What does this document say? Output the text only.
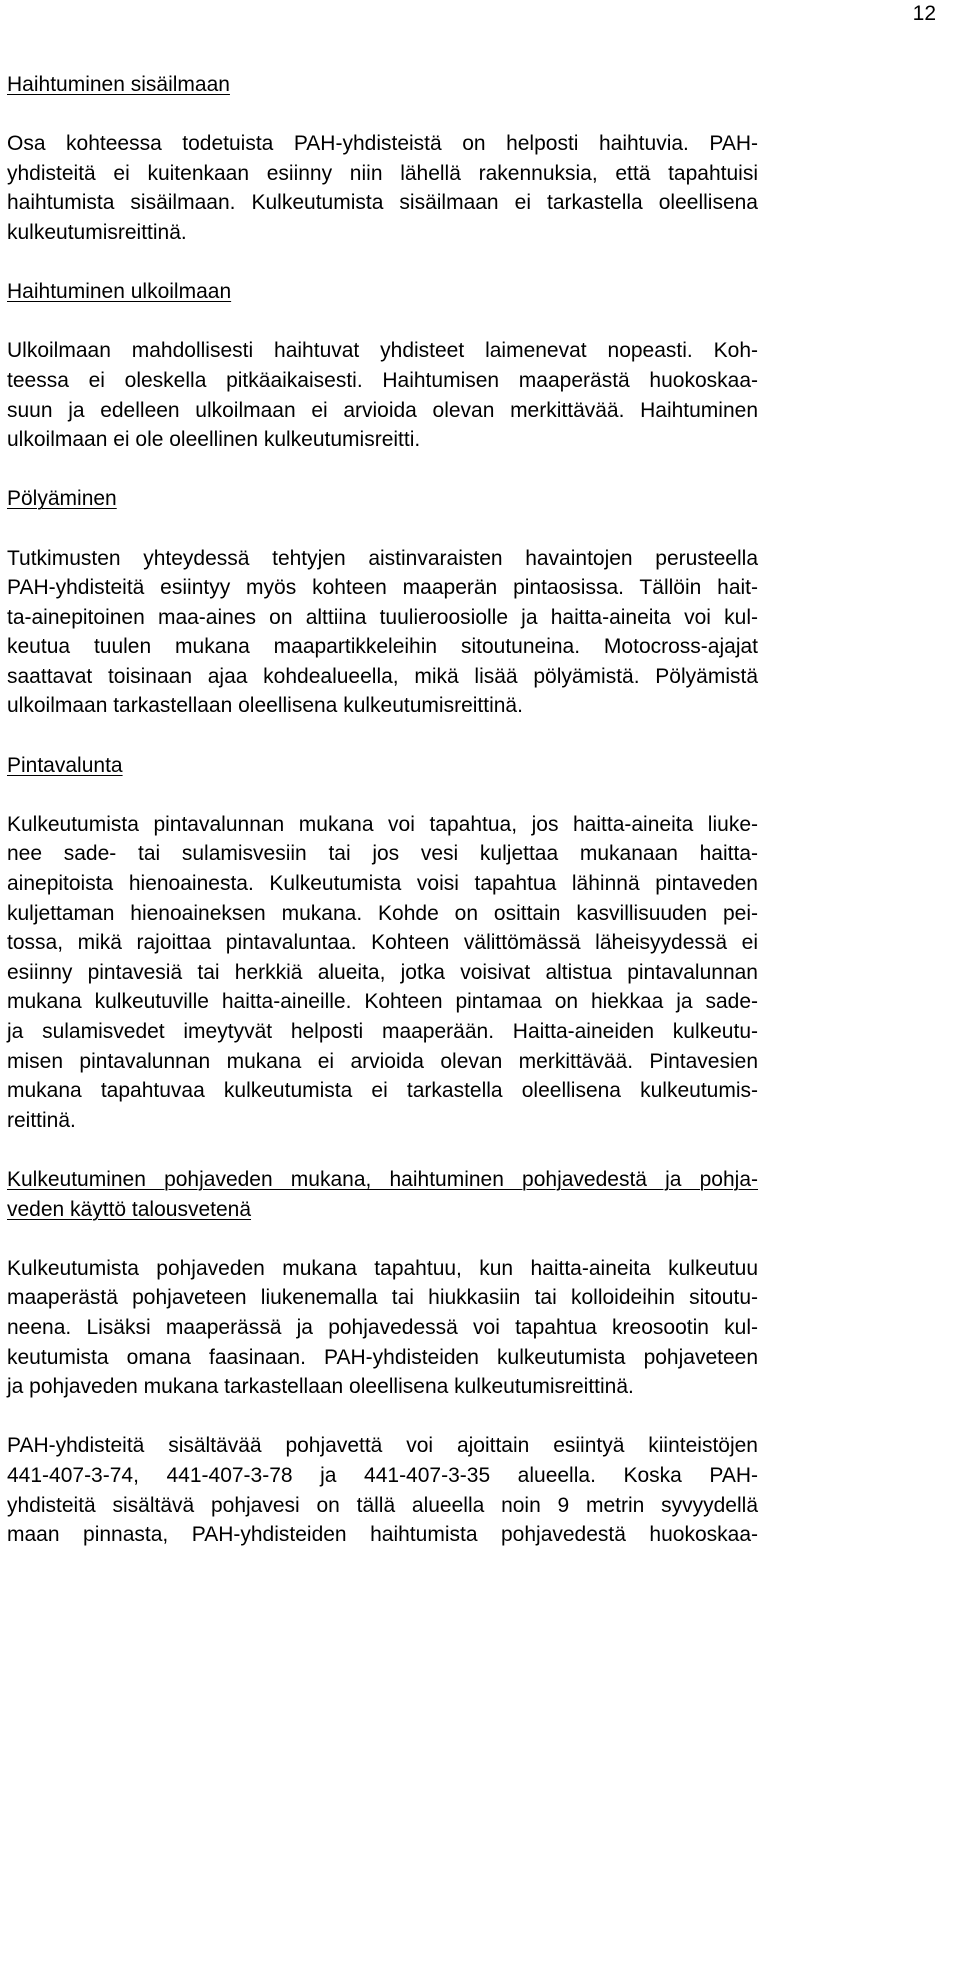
12
Haihtuminen sisäilmaan
Osa kohteessa todetuista PAH-yhdisteistä on helposti haihtuvia. PAH-
yhdisteitä ei kuitenkaan esiinny niin lähellä rakennuksia, että tapahtuisi
haihtumista sisäilmaan. Kulkeutumista sisäilmaan ei tarkastella oleellisena
kulkeutumisreittinä.
Haihtuminen ulkoilmaan
Ulkoilmaan mahdollisesti haihtuvat yhdisteet laimenevat nopeasti. Koh-
teessa ei oleskella pitkäaikaisesti. Haihtumisen maaperästä huokoskaa-
suun ja edelleen ulkoilmaan ei arvioida olevan merkittävää. Haihtuminen
ulkoilmaan ei ole oleellinen kulkeutumisreitti.
Pölyäminen
Tutkimusten yhteydessä tehtyjen aistinvaraisten havaintojen perusteella
PAH-yhdisteitä esiintyy myös kohteen maaperän pintaosissa. Tällöin hait-
ta-ainepitoinen maa-aines on alttiina tuulieroosiolle ja haitta-aineita voi kul-
keutua tuulen mukana maapartikkeleihin sitoutuneina. Motocross-ajajat
saattavat toisinaan ajaa kohdealueella, mikä lisää pölyämistä. Pölyämistä
ulkoilmaan tarkastellaan oleellisena kulkeutumisreittinä.
Pintavalunta
Kulkeutumista pintavalunnan mukana voi tapahtua, jos haitta-aineita liuke-
nee sade- tai sulamisvesiin tai jos vesi kuljettaa mukanaan haitta-
ainepitoista hienoainesta. Kulkeutumista voisi tapahtua lähinnä pintaveden
kuljettaman hienoaineksen mukana. Kohde on osittain kasvillisuuden pei-
tossa, mikä rajoittaa pintavaluntaa. Kohteen välittömässä läheisyydessä ei
esiinny pintavesiä tai herkkiä alueita, jotka voisivat altistua pintavalunnan
mukana kulkeutuville haitta-aineille. Kohteen pintamaa on hiekkaa ja sade-
ja sulamisvedet imeytyvät helposti maaperään. Haitta-aineiden kulkeutu-
misen pintavalunnan mukana ei arvioida olevan merkittävää. Pintavesien
mukana tapahtuvaa kulkeutumista ei tarkastella oleellisena kulkeutumis-
reittinä.
Kulkeutuminen pohjaveden mukana, haihtuminen pohjavedestä ja pohja-
veden käyttö talousvetenä
Kulkeutumista pohjaveden mukana tapahtuu, kun haitta-aineita kulkeutuu
maaperästä pohjaveteen liukenemalla tai hiukkasiin tai kolloideihin sitoutu-
neena. Lisäksi maaperässä ja pohjavedessä voi tapahtua kreosootin kul-
keutumista omana faasinaan. PAH-yhdisteiden kulkeutumista pohjaveteen
ja pohjaveden mukana tarkastellaan oleellisena kulkeutumisreittinä.
PAH-yhdisteitä sisältävää pohjavettä voi ajoittain esiintyä kiinteistöjen
441-407-3-74, 441-407-3-78 ja 441-407-3-35 alueella. Koska PAH-
yhdisteitä sisältävä pohjavesi on tällä alueella noin 9 metrin syvyydellä
maan pinnasta, PAH-yhdisteiden haihtumista pohjavedestä huokoskaa-
